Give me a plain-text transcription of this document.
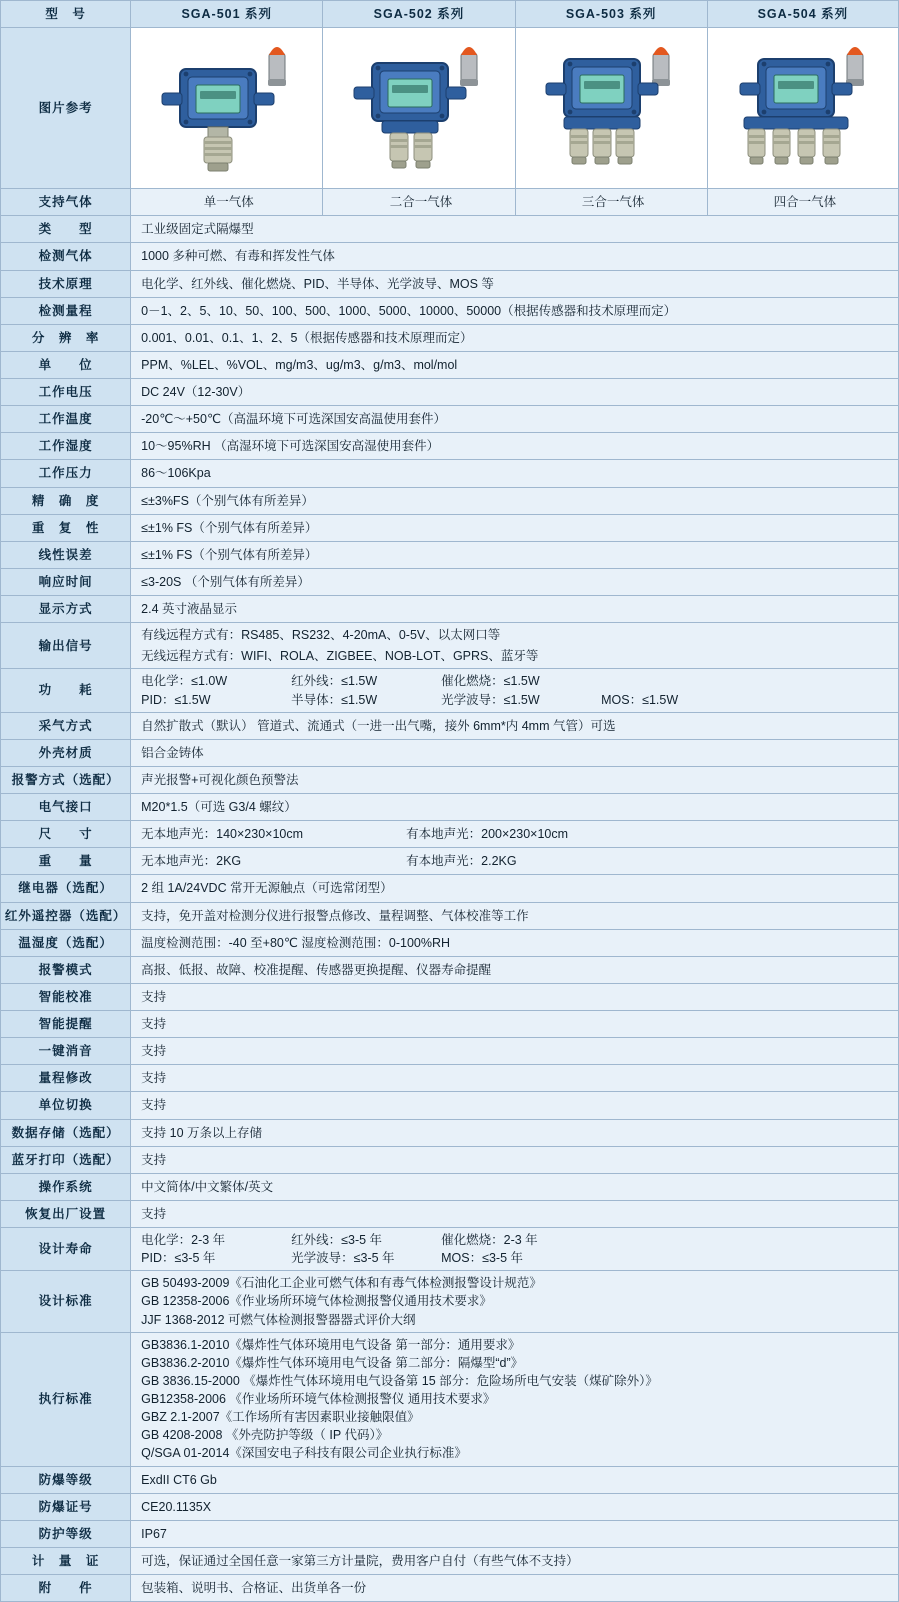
型　号	SGA-501 系列	SGA-502 系列	SGA-503 系列	SGA-504 系列
图片参考	

支持气体	单一气体	二合一气体	三合一气体	四合一气体
类　　型	工业级固定式隔爆型			
检测气体	1000 多种可燃、有毒和挥发性气体			
技术原理	电化学、红外线、催化燃烧、PID、半导体、光学波导、MOS 等			
检测量程	0－1、2、5、10、50、100、500、1000、5000、10000、50000（根据传感器和技术原理而定）			
分　辨　率	0.001、0.01、0.1、1、2、5（根据传感器和技术原理而定）			
单　　位	PPM、%LEL、%VOL、mg/m3、ug/m3、g/m3、mol/mol			
工作电压	DC 24V（12-30V）			
工作温度	-20℃～+50℃（高温环境下可选深国安高温使用套件）			
工作湿度	10～95%RH （高湿环境下可选深国安高湿使用套件）			
工作压力	86～106Kpa			
精　确　度	≤±3%FS（个别气体有所差异）			
重　复　性	≤±1% FS（个别气体有所差异）			
线性误差	≤±1% FS（个别气体有所差异）			
响应时间	≤3-20S （个别气体有所差异）			
显示方式	2.4 英寸液晶显示			
输出信号	有线远程方式有：RS485、RS232、4-20mA、0-5V、以太网口等
无线远程方式有：WIFI、ROLA、ZIGBEE、NOB-LOT、GPRS、蓝牙等			

功　　耗	
电化学：≤1.0W	红外线：≤1.5W	催化燃烧：≤1.5W
PID：≤1.5W	半导体：≤1.5W	光学波导：≤1.5W	MOS：≤1.5W

采气方式	自然扩散式（默认） 管道式、流通式（一进一出气嘴，接外 6mm*内 4mm 气管）可选			
外壳材质	铝合金铸体			
报警方式（选配）	声光报警+可视化颜色预警法			
电气接口	M20*1.5（可选 G3/4 螺纹）			
尺　　寸	无本地声光：140×230×10cm 有本地声光：200×230×10cm			

重　　量	无本地声光：2KG 有本地声光：2.2KG			

继电器（选配）	2 组 1A/24VDC 常开无源触点（可选常闭型）			
红外遥控器（选配）	支持，免开盖对检测分仪进行报警点修改、量程调整、气体校准等工作			
温湿度（选配）	温度检测范围：-40 至+80℃ 湿度检测范围：0-100%RH			
报警模式	高报、低报、故障、校准提醒、传感器更换提醒、仪器寿命提醒			
智能校准	支持			
智能提醒	支持			
一键消音	支持			
量程修改	支持			
单位切换	支持			
数据存储（选配）	支持 10 万条以上存储			
蓝牙打印（选配）	支持			
操作系统	中文简体/中文繁体/英文			
恢复出厂设置	支持			
设计寿命	
电化学：2-3 年	红外线：≤3-5 年	催化燃烧：2-3 年
PID：≤3-5 年	光学波导：≤3-5 年	MOS：≤3-5 年

设计标准	GB 50493-2009《石油化工企业可燃气体和有毒气体检测报警设计规范》
GB 12358-2006《作业场所环境气体检测报警仪通用技术要求》
JJF 1368-2012 可燃气体检测报警器器式评价大纲			

执行标准	
GB3836.1-2010《爆炸性气体环境用电气设备 第一部分：通用要求》
GB3836.2-2010《爆炸性气体环境用电气设备 第二部分：隔爆型“d”》
GB 3836.15-2000 《爆炸性气体环境用电气设备第 15 部分：危险场所电气安装（煤矿除外）》
GB12358-2006 《作业场所环境气体检测报警仪 通用技术要求》
GBZ 2.1-2007《工作场所有害因素职业接触限值》
GB 4208-2008 《外壳防护等级（ IP 代码）》
Q/SGA 01-2014《深国安电子科技有限公司企业执行标准》

防爆等级	ExdII CT6 Gb			
防爆证号	CE20.1135X			
防护等级	IP67			
计　量　证	可选，保证通过全国任意一家第三方计量院，费用客户自付（有些气体不支持）			
附　　件	包装箱、说明书、合格证、出货单各一份			
